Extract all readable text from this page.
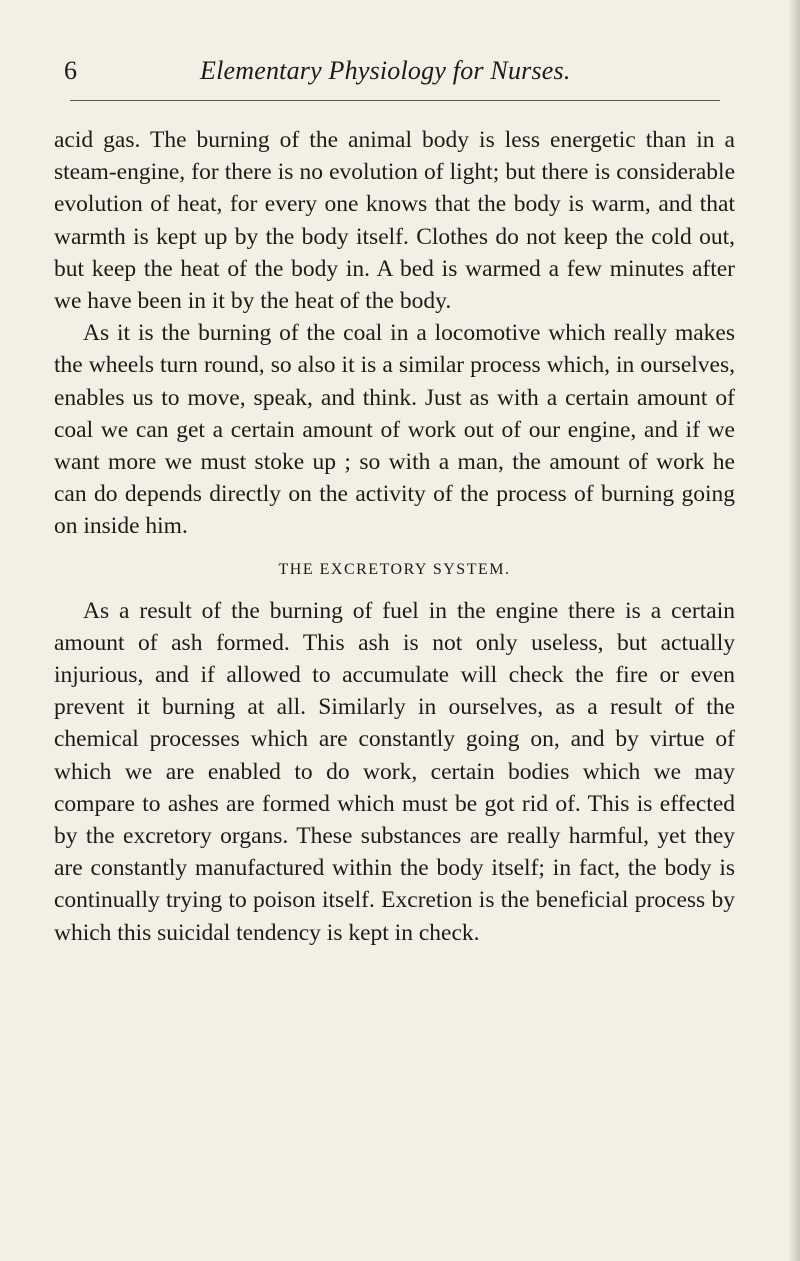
6	Elementary Physiology for Nurses.

acid gas. The burning of the animal body is less energetic than in a steam-engine, for there is no evolution of light; but there is considerable evolution of heat, for every one knows that the body is warm, and that warmth is kept up by the body itself. Clothes do not keep the cold out, but keep the heat of the body in. A bed is warmed a few minutes after we have been in it by the heat of the body.

As it is the burning of the coal in a locomotive which really makes the wheels turn round, so also it is a similar process which, in ourselves, enables us to move, speak, and think. Just as with a certain amount of coal we can get a certain amount of work out of our engine, and if we want more we must stoke up ; so with a man, the amount of work he can do depends directly on the activity of the process of burning going on inside him.

THE EXCRETORY SYSTEM.

As a result of the burning of fuel in the engine there is a certain amount of ash formed. This ash is not only useless, but actually injurious, and if allowed to accumulate will check the fire or even prevent it burning at all. Similarly in ourselves, as a result of the chemical processes which are constantly going on, and by virtue of which we are enabled to do work, certain bodies which we may compare to ashes are formed which must be got rid of. This is effected by the excretory organs. These substances are really harmful, yet they are constantly manufactured within the body itself; in fact, the body is continually trying to poison itself. Excretion is the beneficial process by which this suicidal tendency is kept in check.
